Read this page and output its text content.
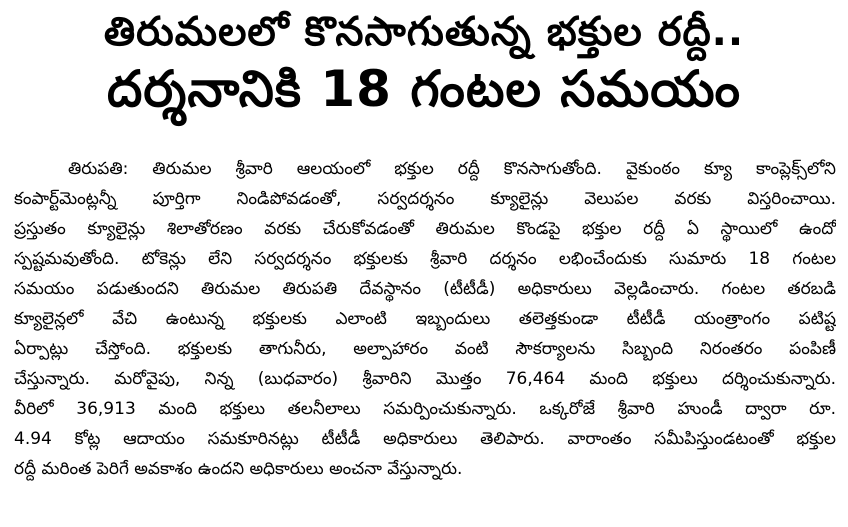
తిరుమలలో కొనసాగుతున్న భక్తుల రద్దీ..
దర్శనానికి 18 గంటల సమయం
తిరుపతి: తిరుమల శ్రీవారి ఆలయంలో భక్తుల రద్దీ కొనసాగుతోంది. వైకుంఠం క్యూ కాంప్లెక్స్‌లోని
కంపార్ట్‌మెంట్లన్నీ పూర్తిగా నిండిపోవడంతో, సర్వదర్శనం క్యూలైన్లు వెలుపల వరకు విస్తరించాయి.
ప్రస్తుతం క్యూలైన్లు శిలాతోరణం వరకు చేరుకోవడంతో తిరుమల కొండపై భక్తుల రద్దీ ఏ స్థాయిలో ఉందో
స్పష్టమవుతోంది. టోకెన్లు లేని సర్వదర్శనం భక్తులకు శ్రీవారి దర్శనం లభించేందుకు సుమారు 18 గంటల
సమయం పడుతుందని తిరుమల తిరుపతి దేవస్థానం (టీటీడీ) అధికారులు వెల్లడించారు. గంటల తరబడి
క్యూలైన్లలో వేచి ఉంటున్న భక్తులకు ఎలాంటి ఇబ్బందులు తలెత్తకుండా టీటీడీ యంత్రాంగం పటిష్ట
ఏర్పాట్లు చేస్తోంది. భక్తులకు తాగునీరు, అల్పాహారం వంటి సౌకర్యాలను సిబ్బంది నిరంతరం పంపిణీ
చేస్తున్నారు. మరోవైపు, నిన్న (బుధవారం) శ్రీవారిని మొత్తం 76,464 మంది భక్తులు దర్శించుకున్నారు.
వీరిలో 36,913 మంది భక్తులు తలనీలాలు సమర్పించుకున్నారు. ఒక్కరోజే శ్రీవారి హుండీ ద్వారా రూ.
4.94 కోట్ల ఆదాయం సమకూరినట్లు టీటీడీ అధికారులు తెలిపారు. వారాంతం సమీపిస్తుండటంతో భక్తుల
రద్దీ మరింత పెరిగే అవకాశం ఉందని అధికారులు అంచనా వేస్తున్నారు.
